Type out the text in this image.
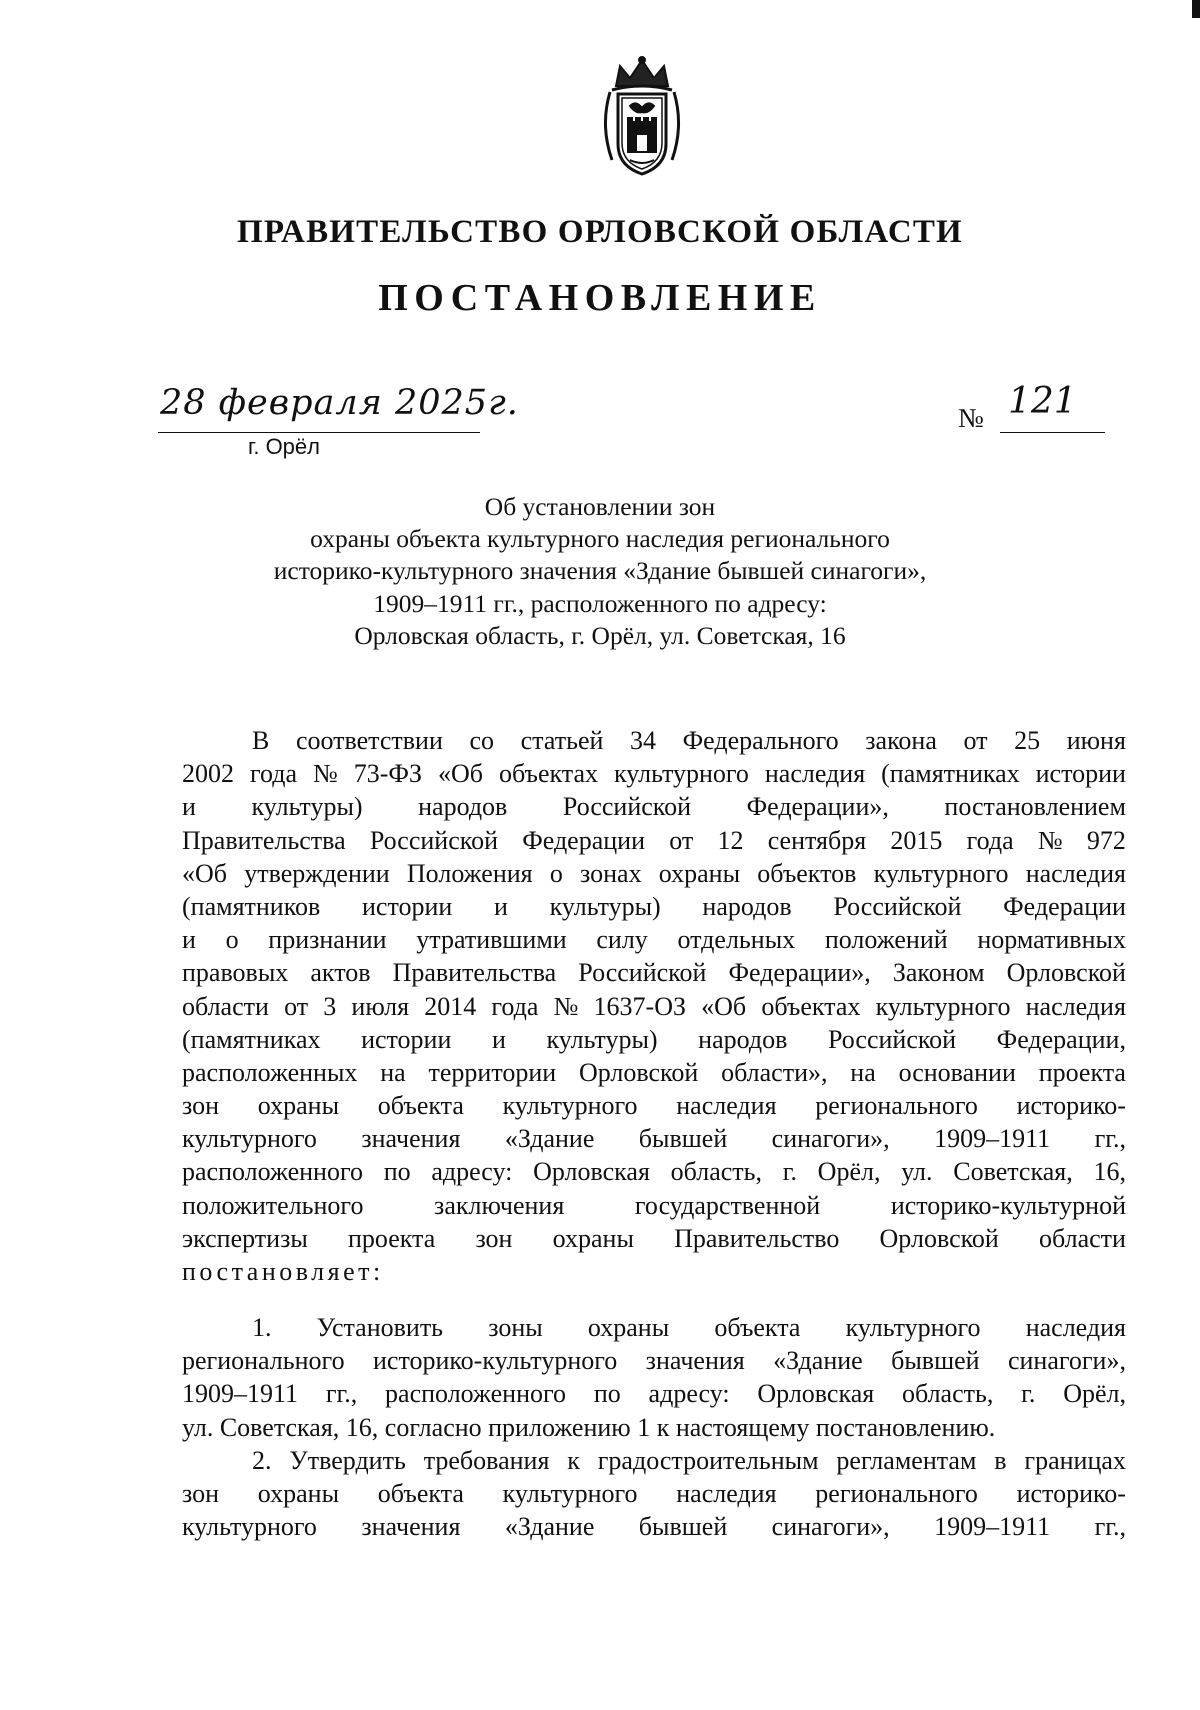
ПРАВИТЕЛЬСТВО ОРЛОВСКОЙ ОБЛАСТИ
ПОСТАНОВЛЕНИЕ
28 февраля 2025г.
г. Орёл
№ 121
Об установлении зон
охраны объекта культурного наследия регионального
историко-культурного значения «Здание бывшей синагоги»,
1909–1911 гг., расположенного по адресу:
Орловская область, г. Орёл, ул. Советская, 16
В соответствии со статьей 34 Федерального закона от 25 июня
2002 года № 73-ФЗ «Об объектах культурного наследия (памятниках истории
и культуры) народов Российской Федерации», постановлением
Правительства Российской Федерации от 12 сентября 2015 года № 972
«Об утверждении Положения о зонах охраны объектов культурного наследия
(памятников истории и культуры) народов Российской Федерации
и о признании утратившими силу отдельных положений нормативных
правовых актов Правительства Российской Федерации», Законом Орловской
области от 3 июля 2014 года № 1637-ОЗ «Об объектах культурного наследия
(памятниках истории и культуры) народов Российской Федерации,
расположенных на территории Орловской области», на основании проекта
зон охраны объекта культурного наследия регионального историко-
культурного значения «Здание бывшей синагоги», 1909–1911 гг.,
расположенного по адресу: Орловская область, г. Орёл, ул. Советская, 16,
положительного	заключения	государственной	историко-культурной
экспертизы проекта зон охраны Правительство Орловской области
постановляет:
1. Установить зоны охраны объекта культурного наследия
регионального историко-культурного значения «Здание бывшей синагоги»,
1909–1911 гг., расположенного по адресу: Орловская область, г. Орёл,
ул. Советская, 16, согласно приложению 1 к настоящему постановлению.
2. Утвердить требования к градостроительным регламентам в границах
зон охраны объекта культурного наследия регионального историко-
культурного значения «Здание бывшей синагоги», 1909–1911 гг.,
